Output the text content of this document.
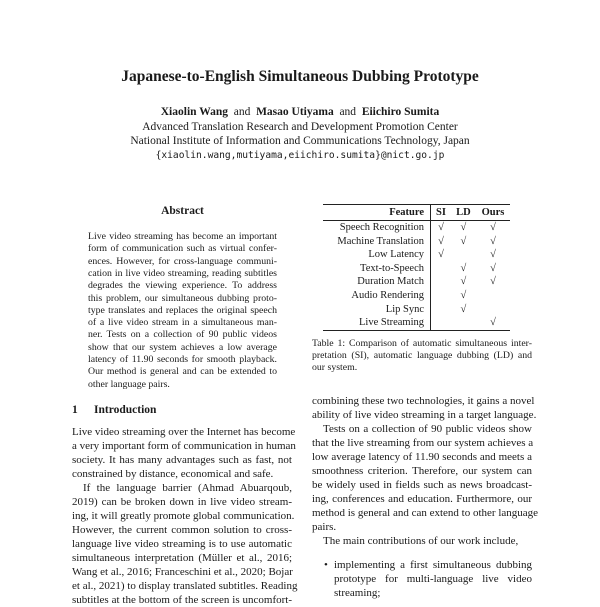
Japanese-to-English Simultaneous Dubbing Prototype
Xiaolin Wang and Masao Utiyama and Eiichiro Sumita
Advanced Translation Research and Development Promotion Center
National Institute of Information and Communications Technology, Japan
{xiaolin.wang,mutiyama,eiichiro.sumita}@nict.go.jp
Abstract
Live video streaming has become an important
form of communication such as virtual confer-
ences. However, for cross-language communi-
cation in live video streaming, reading subtitles
degrades the viewing experience. To address
this problem, our simultaneous dubbing proto-
type translates and replaces the original speech
of a live video stream in a simultaneous man-
ner. Tests on a collection of 90 public videos
show that our system achieves a low average
latency of 11.90 seconds for smooth playback.
Our method is general and can be extended to
other language pairs.
Feature	SI	LD	Ours
Speech Recognition	√	√	√
Machine Translation	√	√	√
Low Latency	√		√
Text-to-Speech		√	√
Duration Match		√	√
Audio Rendering		√	
Lip Sync		√	
Live Streaming			√
Table 1: Comparison of automatic simultaneous inter-
pretation (SI), automatic language dubbing (LD) and
our system.
1 Introduction
Live video streaming over the Internet has become
a very important form of communication in human
society. It has many advantages such as fast, not
constrained by distance, economical and safe.
If the language barrier (Ahmad Abuarqoub,
2019) can be broken down in live video stream-
ing, it will greatly promote global communication.
However, the current common solution to cross-
language live video streaming is to use automatic
simultaneous interpretation (Müller et al., 2016;
Wang et al., 2016; Franceschini et al., 2020; Bojar
et al., 2021) to display translated subtitles. Reading
subtitles at the bottom of the screen is uncomfort-
combining these two technologies, it gains a novel
ability of live video streaming in a target language.
Tests on a collection of 90 public videos show
that the live streaming from our system achieves a
low average latency of 11.90 seconds and meets a
smoothness criterion. Therefore, our system can
be widely used in fields such as news broadcast-
ing, conferences and education. Furthermore, our
method is general and can extend to other language
pairs.
The main contributions of our work include,
• implementing a first simultaneous dubbing
prototype for multi-language live video
streaming;
